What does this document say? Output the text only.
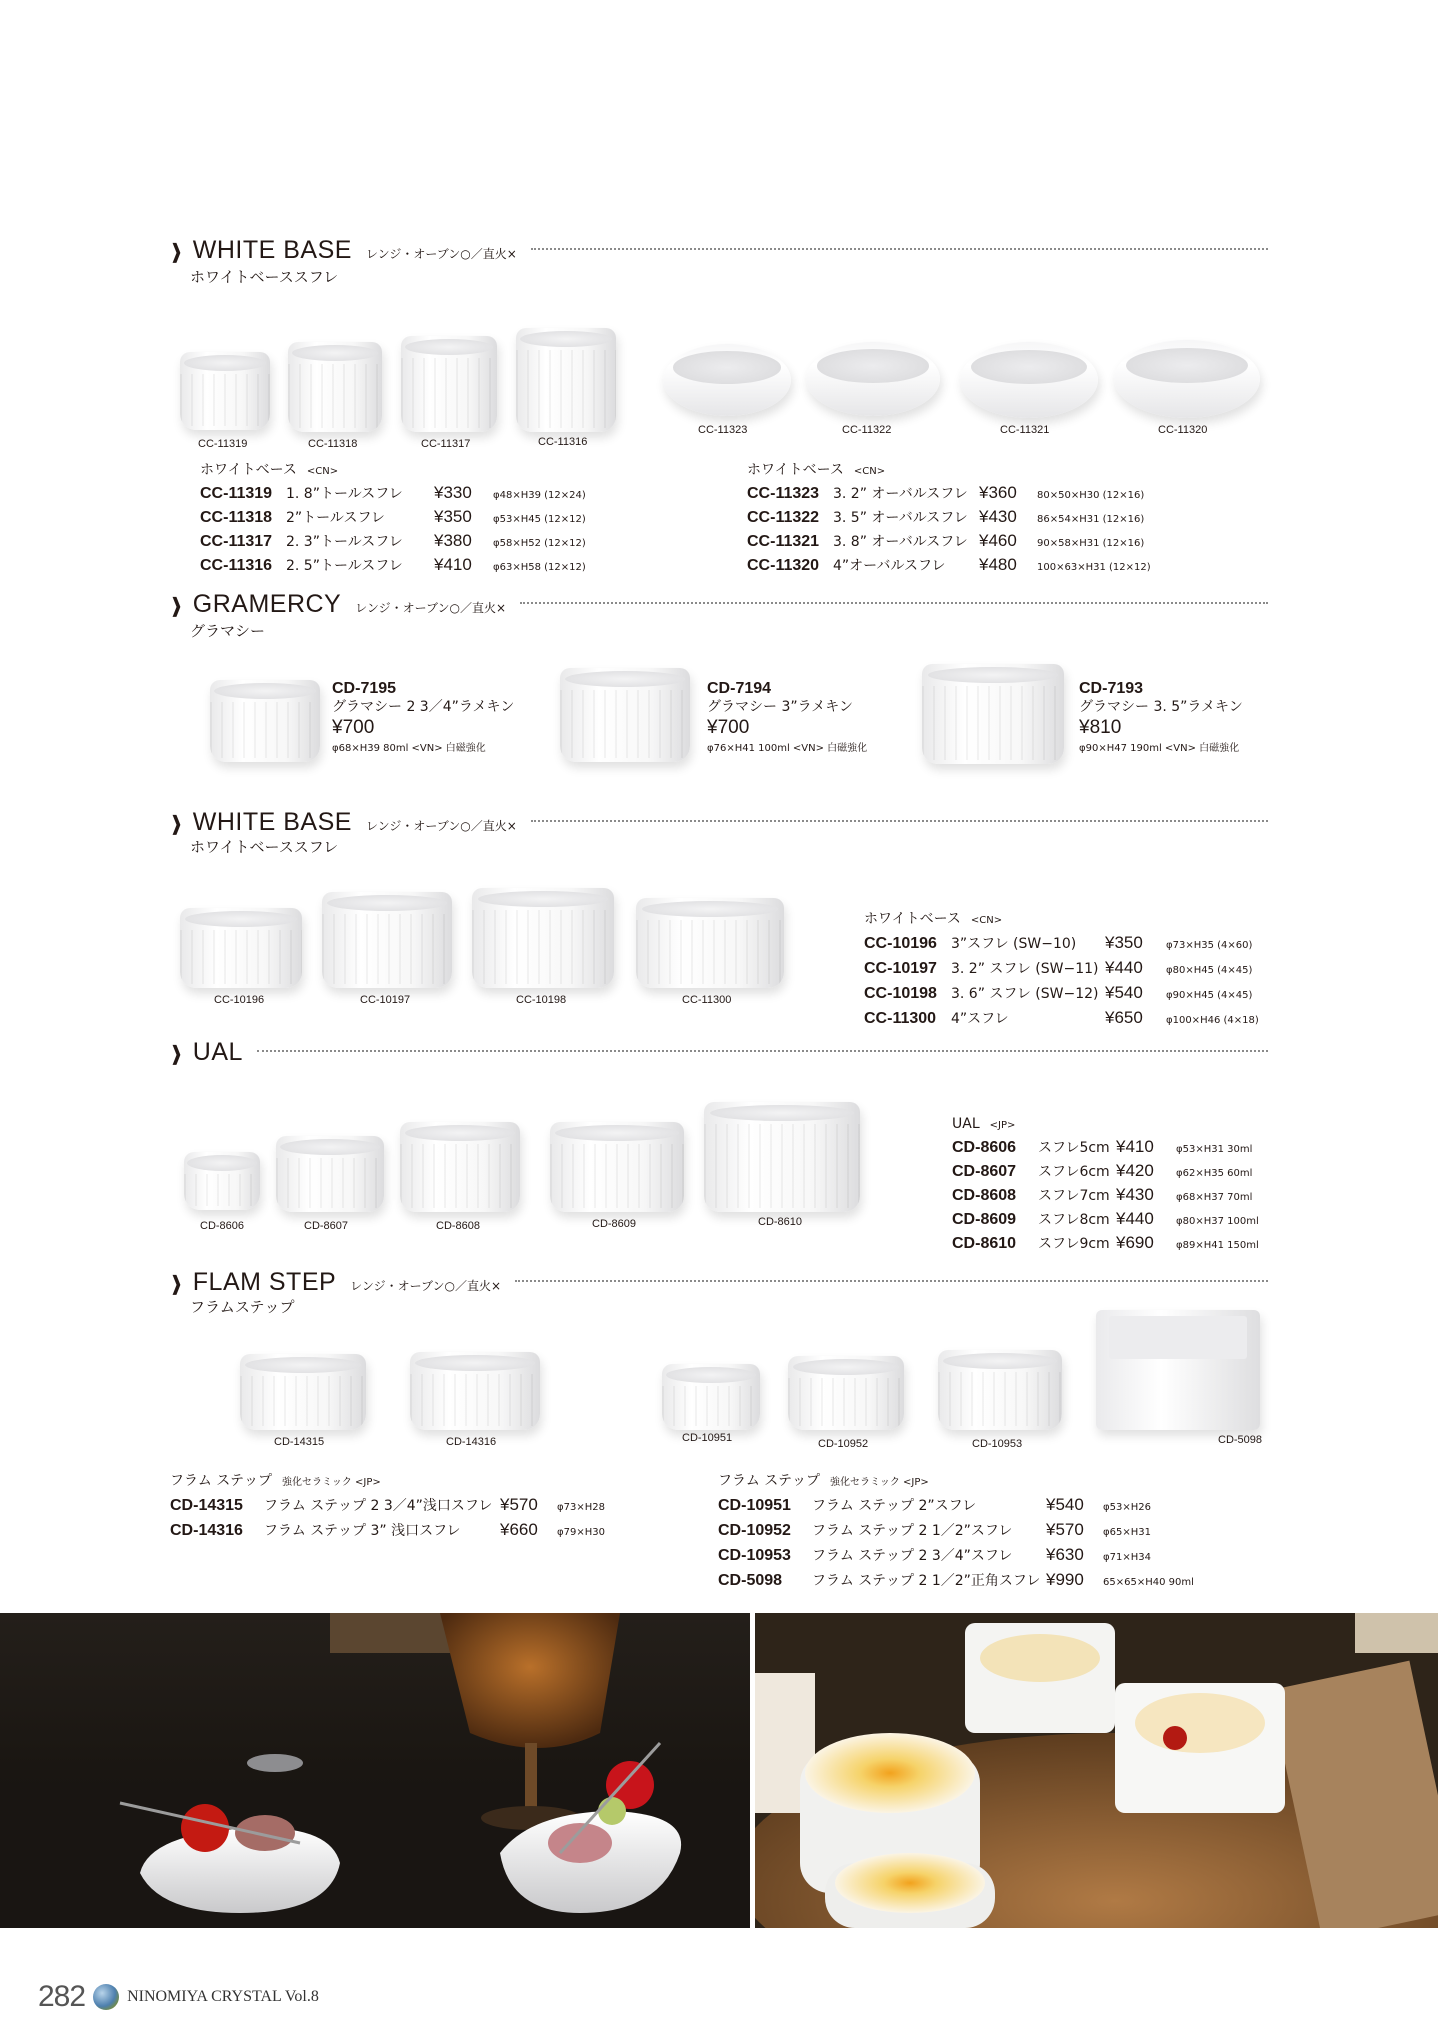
❱ WHITE BASE レンジ・オーブン○／直火×
ホワイトベーススフレ
CC-11319	CC-11318	CC-11317	CC-11316
CC-11323	CC-11322	CC-11321	CC-11320
ホワイトベース <CN>
CC-11319 1. 8”トールスフレ	¥330	φ48×H39 (12×24)
CC-11318 2”トールスフレ	¥350	φ53×H45 (12×12)
CC-11317 2. 3”トールスフレ	¥380	φ58×H52 (12×12)
CC-11316 2. 5”トールスフレ	¥410	φ63×H58 (12×12)
ホワイトベース <CN>
CC-11323 3. 2” オーバルスフレ ¥360	80×50×H30 (12×16)
CC-11322 3. 5” オーバルスフレ ¥430	86×54×H31 (12×16)
CC-11321 3. 8” オーバルスフレ ¥460	90×58×H31 (12×16)
CC-11320 4”オーバルスフレ	¥480	100×63×H31 (12×12)
❱ GRAMERCY レンジ・オーブン○／直火×
グラマシー
CD-7195
グラマシー 2 3／4”ラメキン
¥700
φ68×H39 80ml <VN> 白磁強化
CD-7194
グラマシー 3”ラメキン
¥700
φ76×H41 100ml <VN> 白磁強化
CD-7193
グラマシー 3. 5”ラメキン
¥810
φ90×H47 190ml <VN> 白磁強化
❱ WHITE BASE レンジ・オーブン○／直火×
ホワイトベーススフレ
CC-10196	CC-10197	CC-10198	CC-11300
ホワイトベース <CN>
CC-10196	3”スフレ (SW−10)	¥350	φ73×H35 (4×60)
CC-10197	3. 2” スフレ (SW−11) ¥440	φ80×H45 (4×45)
CC-10198	3. 6” スフレ (SW−12) ¥540	φ90×H45 (4×45)
CC-11300	4”スフレ	¥650	φ100×H46 (4×18)
❱ UAL
CD-8606	CD-8607	CD-8608	CD-8609	CD-8610
UAL <JP>
CD-8606	スフレ5cm ¥410	φ53×H31 30ml
CD-8607	スフレ6cm ¥420	φ62×H35 60ml
CD-8608	スフレ7cm ¥430	φ68×H37 70ml
CD-8609	スフレ8cm ¥440	φ80×H37 100ml
CD-8610	スフレ9cm ¥690	φ89×H41 150ml
❱ FLAM STEP レンジ・オーブン○／直火×
フラムステップ
CD-14315	CD-14316	CD-10951	CD-10952	CD-10953	CD-5098
フラム ステップ 強化セラミック <JP>
CD-14315	フラム ステップ 2 3／4”浅口スフレ ¥570	φ73×H28
CD-14316	フラム ステップ 3” 浅口スフレ	¥660	φ79×H30
フラム ステップ 強化セラミック <JP>
CD-10951	フラム ステップ 2”スフレ	¥540	φ53×H26
CD-10952	フラム ステップ 2 1／2”スフレ	¥570	φ65×H31
CD-10953	フラム ステップ 2 3／4”スフレ	¥630	φ71×H34
CD-5098	フラム ステップ 2 1／2”正角スフレ ¥990	65×65×H40 90ml
282	NINOMIYA CRYSTAL Vol.8
